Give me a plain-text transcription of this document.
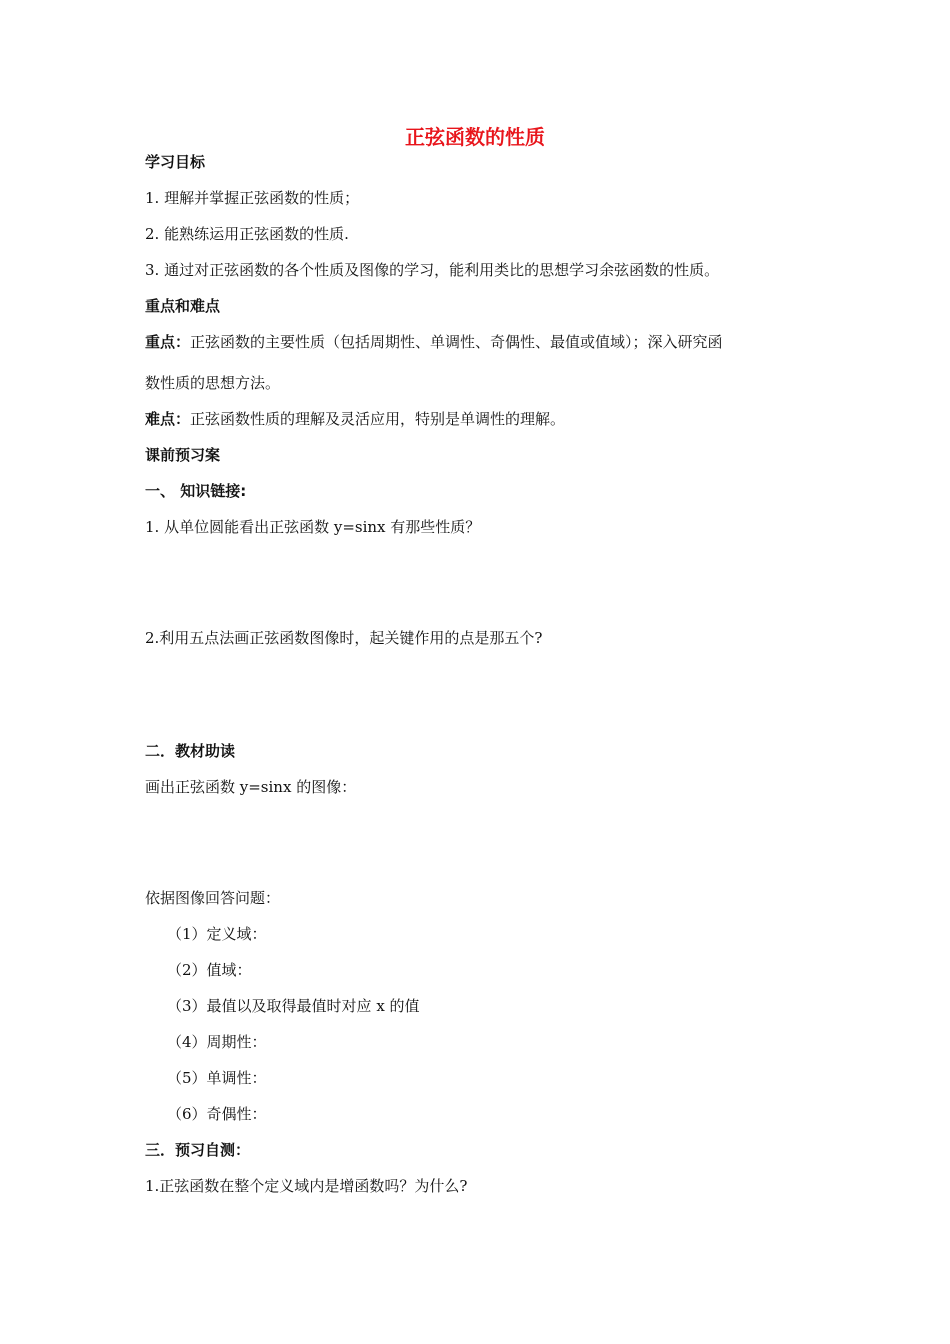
正弦函数的性质
学习目标
1. 理解并掌握正弦函数的性质；
2. 能熟练运用正弦函数的性质.
3. 通过对正弦函数的各个性质及图像的学习，能利用类比的思想学习余弦函数的性质。
重点和难点
重点：正弦函数的主要性质（包括周期性、单调性、奇偶性、最值或值域）；深入研究函
数性质的思想方法。
难点：正弦函数性质的理解及灵活应用，特别是单调性的理解。
课前预习案
一、 知识链接:
1. 从单位圆能看出正弦函数 y=sinx 有那些性质？
2.利用五点法画正弦函数图像时，起关键作用的点是那五个?
二．教材助读
画出正弦函数 y=sinx 的图像：
依据图像回答问题：
（1）定义域：
（2）值域：
（3）最值以及取得最值时对应 x 的值
（4）周期性：
（5）单调性：
（6）奇偶性：
三．预习自测：
1.正弦函数在整个定义域内是增函数吗？为什么?
